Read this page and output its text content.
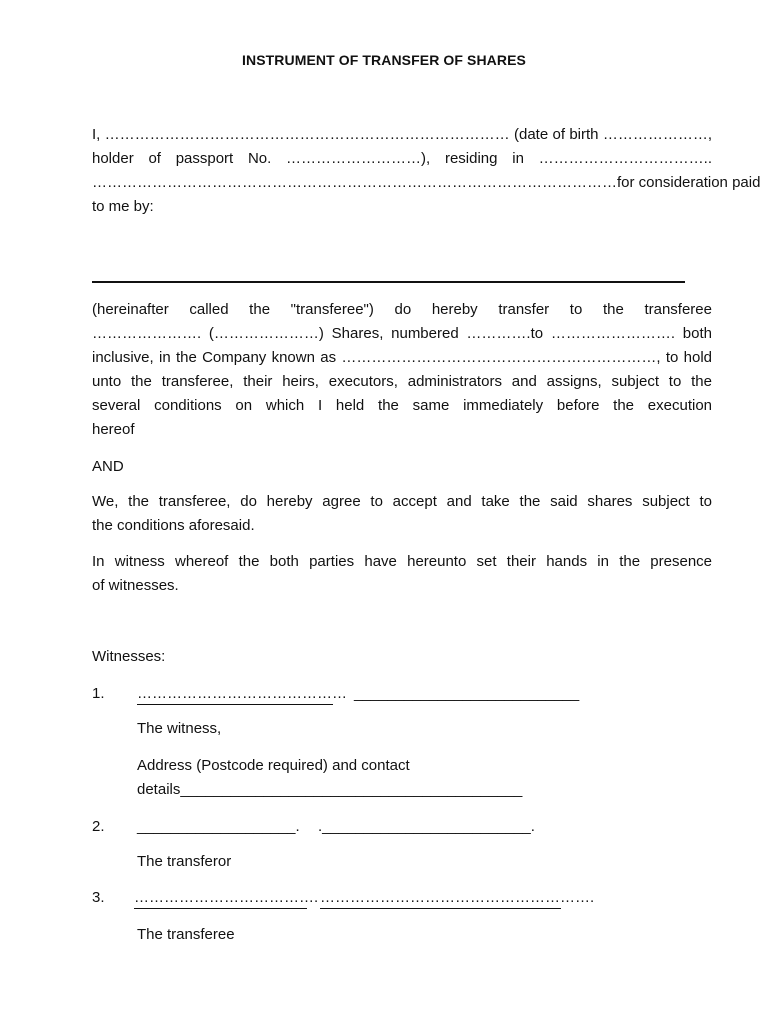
INSTRUMENT OF TRANSFER OF SHARES
I, ……………………………………………………………………… (date of birth …………………,
holder of passport No. ………………………), residing in ……………………………..
……………………………………………………………………………………………for consideration paid
to me by:
(hereinafter called the "transferee") do hereby transfer to the transferee
…………………. (…………………) Shares, numbered ………….to ……………………. both
inclusive, in the Company known as ………………………………………………………, to hold
unto the transferee, their heirs, executors, administrators and assigns, subject to the
several conditions on which I held the same immediately before the execution
hereof
AND
We, the transferee, do hereby agree to accept and take the said shares subject to
the conditions aforesaid.
In witness whereof the both parties have hereunto set their hands in the presence
of witnesses.
Witnesses:
1. …………………………………… ___________________________
The witness,
Address (Postcode required) and contact
details_________________________________________
2. ___________________. ._________________________.
The transferor
3. ………………………………. ……………………………………………….
The transferee
